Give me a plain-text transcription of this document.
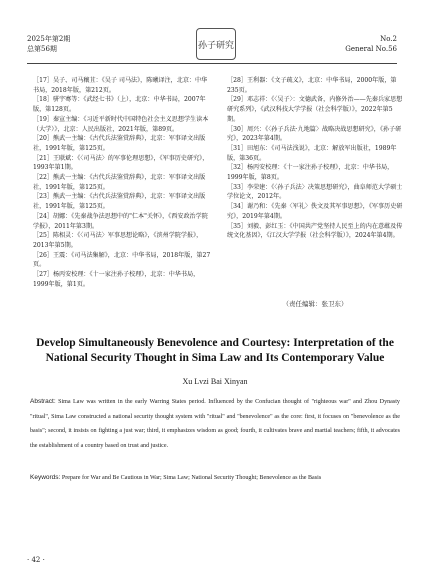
2025年第2期
总第56期	孙子研究
No.2
General No.56

［17］吴子、司马穰苴：《吴子 司马法》，陈曦译注，北京：中华书局，2018年版，第212页。

［18］骈宇骞等：《武经七书》（上），北京：中华书局，2007年版，第128页。

［19］秦宣主编：《习近平新时代中国特色社会主义思想学生读本（大学）》，北京：人民出版社，2021年版，第89页。

［20］熊武一主编：《古代兵法鉴赏辞典》，北京：军事译文出版社，1991年版，第125页。

［21］王联斌：《〈司马法〉的军事伦理思想》，《军事历史研究》，1993年第1期。

［22］熊武一主编：《古代兵法鉴赏辞典》，北京：军事译文出版社，1991年版，第125页。

［23］熊武一主编：《古代兵法鉴赏辞典》，北京：军事译文出版社，1991年版，第125页。

［24］胡娜：《先秦战争法思想中的"仁本"关怀》，《西安政治学院学报》，2011年第3期。

［25］陈相灵：《〈司马法〉军事思想论略》，《滨州学院学报》，2013年第5期。

［26］王震：《司马法集解》，北京：中华书局，2018年版，第27页。

［27］杨丙安校理：《十一家注孙子校理》，北京：中华书局，1999年版，第1页。

［28］王利器：《文子疏义》，北京：中华书局，2000年版，第235页。

［29］邓志祥：《〈吴子〉：文德武备，内修外治——先秦兵家思想研究系列》，《武汉科技大学学报（社会科学版）》，2022年第5期。

［30］周兴：《〈孙子兵法·九地篇〉战略决战思想研究》，《孙子研究》，2023年第4期。

［31］田旭东：《司马法浅说》，北京：解放军出版社，1989年版，第36页。

［32］杨丙安校理：《十一家注孙子校理》，北京：中华书局，1999年版，第8页。

［33］李荣建：《〈孙子兵法〉决策思想研究》，曲阜师范大学硕士学位论文，2012年。

［34］谢乃和：《先秦〈军礼〉佚文及其军事思想》，《军事历史研究》，2019年第4期。

［35］刘毅、彭红玉：《中国共产党坚持人民至上的内在意蕴及传统文化基因》，《江汉大学学报（社会科学版）》，2024年第4期。

（责任编辑：张卫东）
Develop Simultaneously Benevolence and Courtesy: Interpretation of the National Security Thought in Sima Law and Its Contemporary Value
Xu Lvzi Bai Xinyan
Abstract: Sima Law was written in the early Warring States period. Influenced by the Confucian thought of "righteous war" and Zhou Dynasty "ritual", Sima Law constructed a national security thought system with "ritual" and "benevolence" as the core: first, it focuses on "benevolence as the basis"; second, it insists on fighting a just war; third, it emphasizes wisdom as good; fourth, it cultivates brave and martial teachers; fifth, it advocates the establishment of a country based on trust and justice.
Keywords: Prepare for War and Be Cautious in War; Sima Law; National Security Thought; Benevolence as the Basis
· 42 ·
